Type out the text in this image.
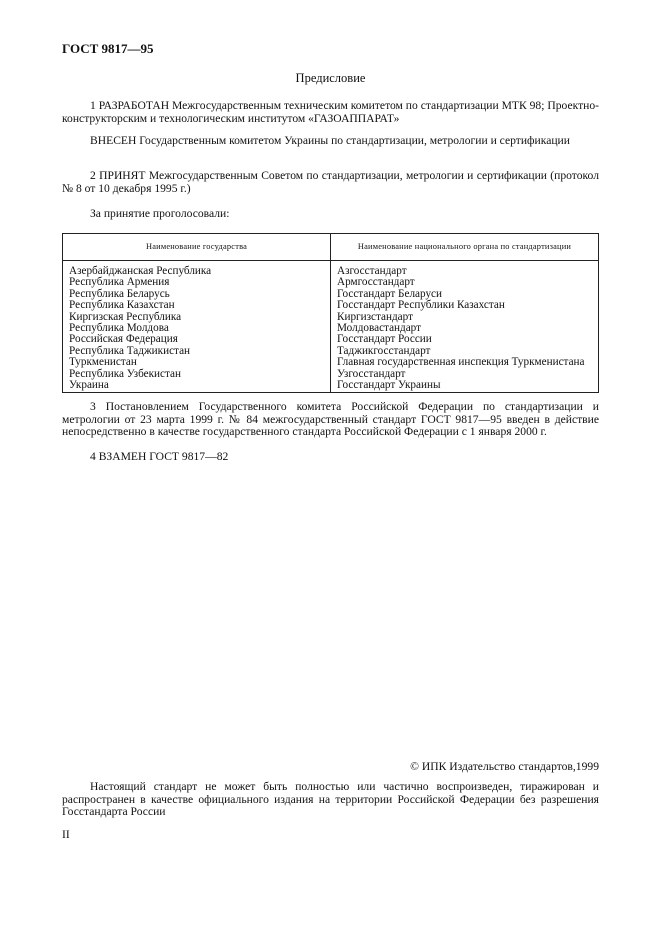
ГОСТ 9817—95
Предисловие

1 РАЗРАБОТАН Межгосударственным техническим комитетом по стандартизации МТК 98; Проектно-конструкторским и технологическим институтом «ГАЗОАППАРАТ»

ВНЕСЕН Государственным комитетом Украины по стандартизации, метрологии и сертификации

2 ПРИНЯТ Межгосударственным Советом по стандартизации, метрологии и сертификации (протокол № 8 от 10 декабря 1995 г.)

За принятие проголосовали:
Наименование государства	Наименование национального органа по стандартизации
Азербайджанская Республика	Азгосстандарт
Республика Армения	Армгосстандарт
Республика Беларусь	Госстандарт Беларуси
Республика Казахстан	Госстандарт Республики Казахстан
Киргизская Республика	Киргизстандарт
Республика Молдова	Молдовастандарт
Российская Федерация	Госстандарт России
Республика Таджикистан	Таджикгосстандарт
Туркменистан	Главная государственная инспекция Туркменистана
Республика Узбекистан	Узгосстандарт
Украина	Госстандарт Украины

3 Постановлением Государственного комитета Российской Федерации по стандартизации и метрологии от 23 марта 1999 г. № 84 межгосударственный стандарт ГОСТ 9817—95 введен в действие непосредственно в качестве государственного стандарта Российской Федерации с 1 января 2000 г.

4 ВЗАМЕН ГОСТ 9817—82
© ИПК Издательство стандартов,1999

Настоящий стандарт не может быть полностью или частично воспроизведен, тиражирован и распространен в качестве официального издания на территории Российской Федерации без разрешения Госстандарта России

II
